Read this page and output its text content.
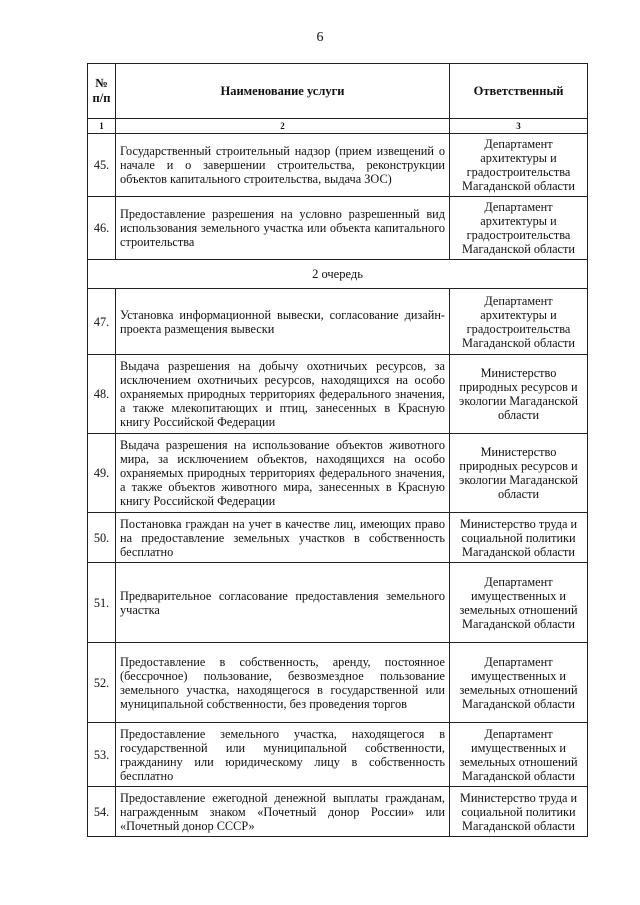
6
№ п/п	Наименование услуги	Ответственный
1	2	3
45.	Государственный строительный надзор (прием извещений о начале и о завершении строительства, реконструкции объектов капитального строительства, выдача ЗОС)	Департамент архитектуры и градостроительства Магаданской области
46.	Предоставление разрешения на условно разрешенный вид использования земельного участка или объекта капитального строительства	Департамент архитектуры и градостроительства Магаданской области
2 очередь		
47.	Установка информационной вывески, согласование дизайн-проекта размещения вывески	Департамент архитектуры и градостроительства Магаданской области
48.	Выдача разрешения на добычу охотничьих ресурсов, за исключением охотничьих ресурсов, находящихся на особо охраняемых природных территориях федерального значения, а также млекопитающих и птиц, занесенных в Красную книгу Российской Федерации	Министерство природных ресурсов и экологии Магаданской области
49.	Выдача разрешения на использование объектов животного мира, за исключением объектов, находящихся на особо охраняемых природных территориях федерального значения, а также объектов животного мира, занесенных в Красную книгу Российской Федерации	Министерство природных ресурсов и экологии Магаданской области
50.	Постановка граждан на учет в качестве лиц, имеющих право на предоставление земельных участков в собственность бесплатно	Министерство труда и социальной политики Магаданской области
51.	Предварительное согласование предоставления земельного участка	Департамент имущественных и земельных отношений Магаданской области
52.	Предоставление в собственность, аренду, постоянное (бессрочное) пользование, безвозмездное пользование земельного участка, находящегося в государственной или муниципальной собственности, без проведения торгов	Департамент имущественных и земельных отношений Магаданской области
53.	Предоставление земельного участка, находящегося в государственной или муниципальной собственности, гражданину или юридическому лицу в собственность бесплатно	Департамент имущественных и земельных отношений Магаданской области
54.	Предоставление ежегодной денежной выплаты гражданам, награжденным знаком «Почетный донор России» или «Почетный донор СССР»	Министерство труда и социальной политики Магаданской области
